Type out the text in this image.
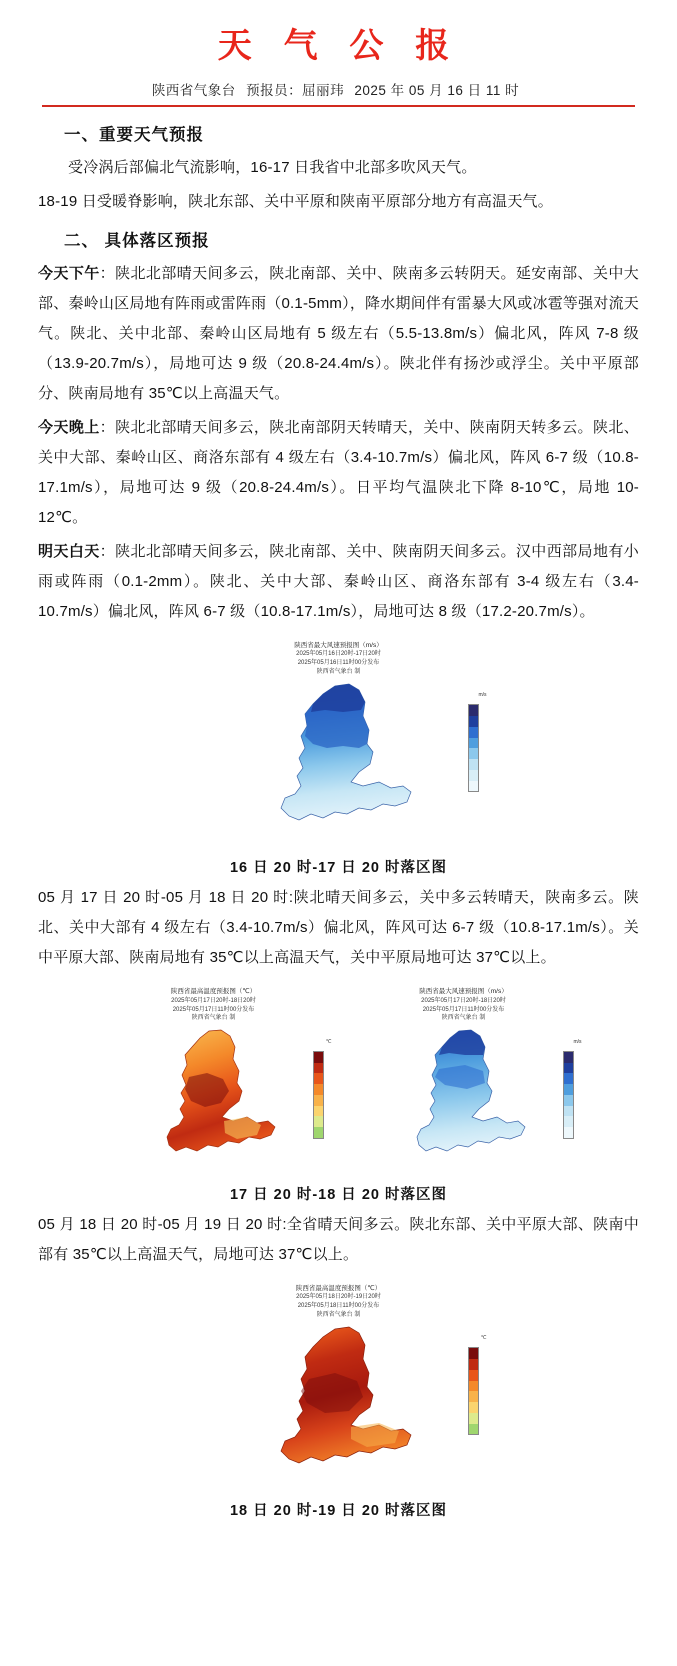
天 气 公 报
陕西省气象台 预报员：屈丽玮 2025 年 05 月 16 日 11 时
一、重要天气预报

受冷涡后部偏北气流影响，16-17 日我省中北部多吹风天气。

18-19 日受暖脊影响，陕北东部、关中平原和陕南平原部分地方有高温天气。

二、 具体落区预报

今天下午：陕北北部晴天间多云，陕北南部、关中、陕南多云转阴天。延安南部、关中大部、秦岭山区局地有阵雨或雷阵雨（0.1-5mm），降水期间伴有雷暴大风或冰雹等强对流天气。陕北、关中北部、秦岭山区局地有 5 级左右（5.5-13.8m/s）偏北风，阵风 7-8 级（13.9-20.7m/s），局地可达 9 级（20.8-24.4m/s）。陕北伴有扬沙或浮尘。关中平原部分、陕南局地有 35℃以上高温天气。

今天晚上：陕北北部晴天间多云，陕北南部阴天转晴天，关中、陕南阴天转多云。陕北、关中大部、秦岭山区、商洛东部有 4 级左右（3.4-10.7m/s）偏北风，阵风 6-7 级（10.8-17.1m/s），局地可达 9 级（20.8-24.4m/s）。日平均气温陕北下降 8-10℃，局地 10-12℃。

明天白天：陕北北部晴天间多云，陕北南部、关中、陕南阴天间多云。汉中西部局地有小雨或阵雨（0.1-2mm）。陕北、关中大部、秦岭山区、商洛东部有 3-4 级左右（3.4-10.7m/s）偏北风，阵风 6-7 级（10.8-17.1m/s），局地可达 8 级（17.2-20.7m/s）。

陕西省最大风速预报图（m/s）
2025年05月16日20时-17日20时
2025年05月16日11时00分发布
陕西省气象台 制
m/s
16 日 20 时-17 日 20 时落区图

05 月 17 日 20 时-05 月 18 日 20 时:陕北晴天间多云，关中多云转晴天，陕南多云。陕北、关中大部有 4 级左右（3.4-10.7m/s）偏北风，阵风可达 6-7 级（10.8-17.1m/s）。关中平原大部、陕南局地有 35℃以上高温天气，关中平原局地可达 37℃以上。

陕西省最高温度预报图（℃）
2025年05月17日20时-18日20时
2025年05月17日11时00分发布
陕西省气象台 制
℃
陕西省最大风速预报图（m/s）
2025年05月17日20时-18日20时
2025年05月17日11时00分发布
陕西省气象台 制
m/s
17 日 20 时-18 日 20 时落区图

05 月 18 日 20 时-05 月 19 日 20 时:全省晴天间多云。陕北东部、关中平原大部、陕南中部有 35℃以上高温天气，局地可达 37℃以上。

陕西省最高温度预报图（℃）
2025年05月18日20时-19日20时
2025年05月18日11时00分发布
陕西省气象台 制
℃
18 日 20 时-19 日 20 时落区图
